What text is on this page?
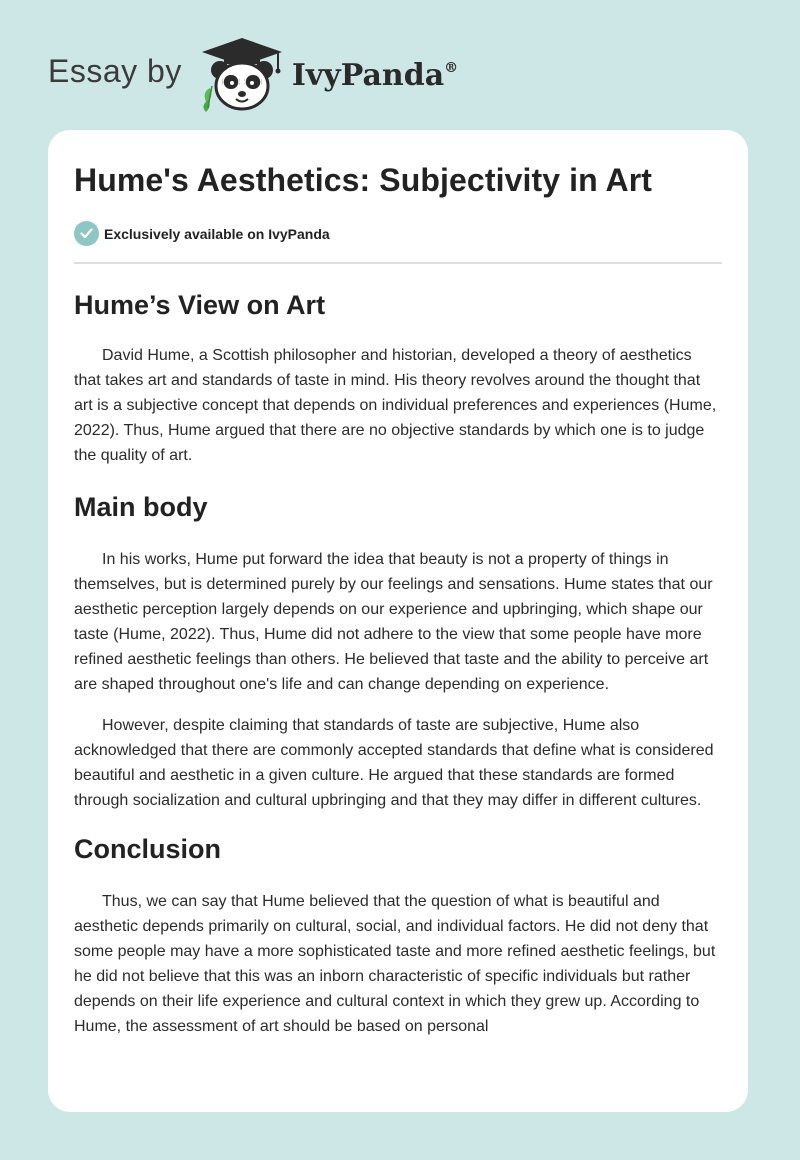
Essay by	IvyPanda®
Hume's Aesthetics: Subjectivity in Art
Exclusively available on IvyPanda
Hume’s View on Art

David Hume, a Scottish philosopher and historian, developed a theory of aesthetics that takes art and standards of taste in mind. His theory revolves around the thought that art is a subjective concept that depends on individual preferences and experiences (Hume, 2022). Thus, Hume argued that there are no objective standards by which one is to judge the quality of art.

Main body

In his works, Hume put forward the idea that beauty is not a property of things in themselves, but is determined purely by our feelings and sensations. Hume states that our aesthetic perception largely depends on our experience and upbringing, which shape our taste (Hume, 2022). Thus, Hume did not adhere to the view that some people have more refined aesthetic feelings than others. He believed that taste and the ability to perceive art are shaped throughout one's life and can change depending on experience.

However, despite claiming that standards of taste are subjective, Hume also acknowledged that there are commonly accepted standards that define what is considered beautiful and aesthetic in a given culture. He argued that these standards are formed through socialization and cultural upbringing and that they may differ in different cultures.

Conclusion

Thus, we can say that Hume believed that the question of what is beautiful and aesthetic depends primarily on cultural, social, and individual factors. He did not deny that some people may have a more sophisticated taste and more refined aesthetic feelings, but he did not believe that this was an inborn characteristic of specific individuals but rather depends on their life experience and cultural context in which they grew up. According to Hume, the assessment of art should be based on personal
